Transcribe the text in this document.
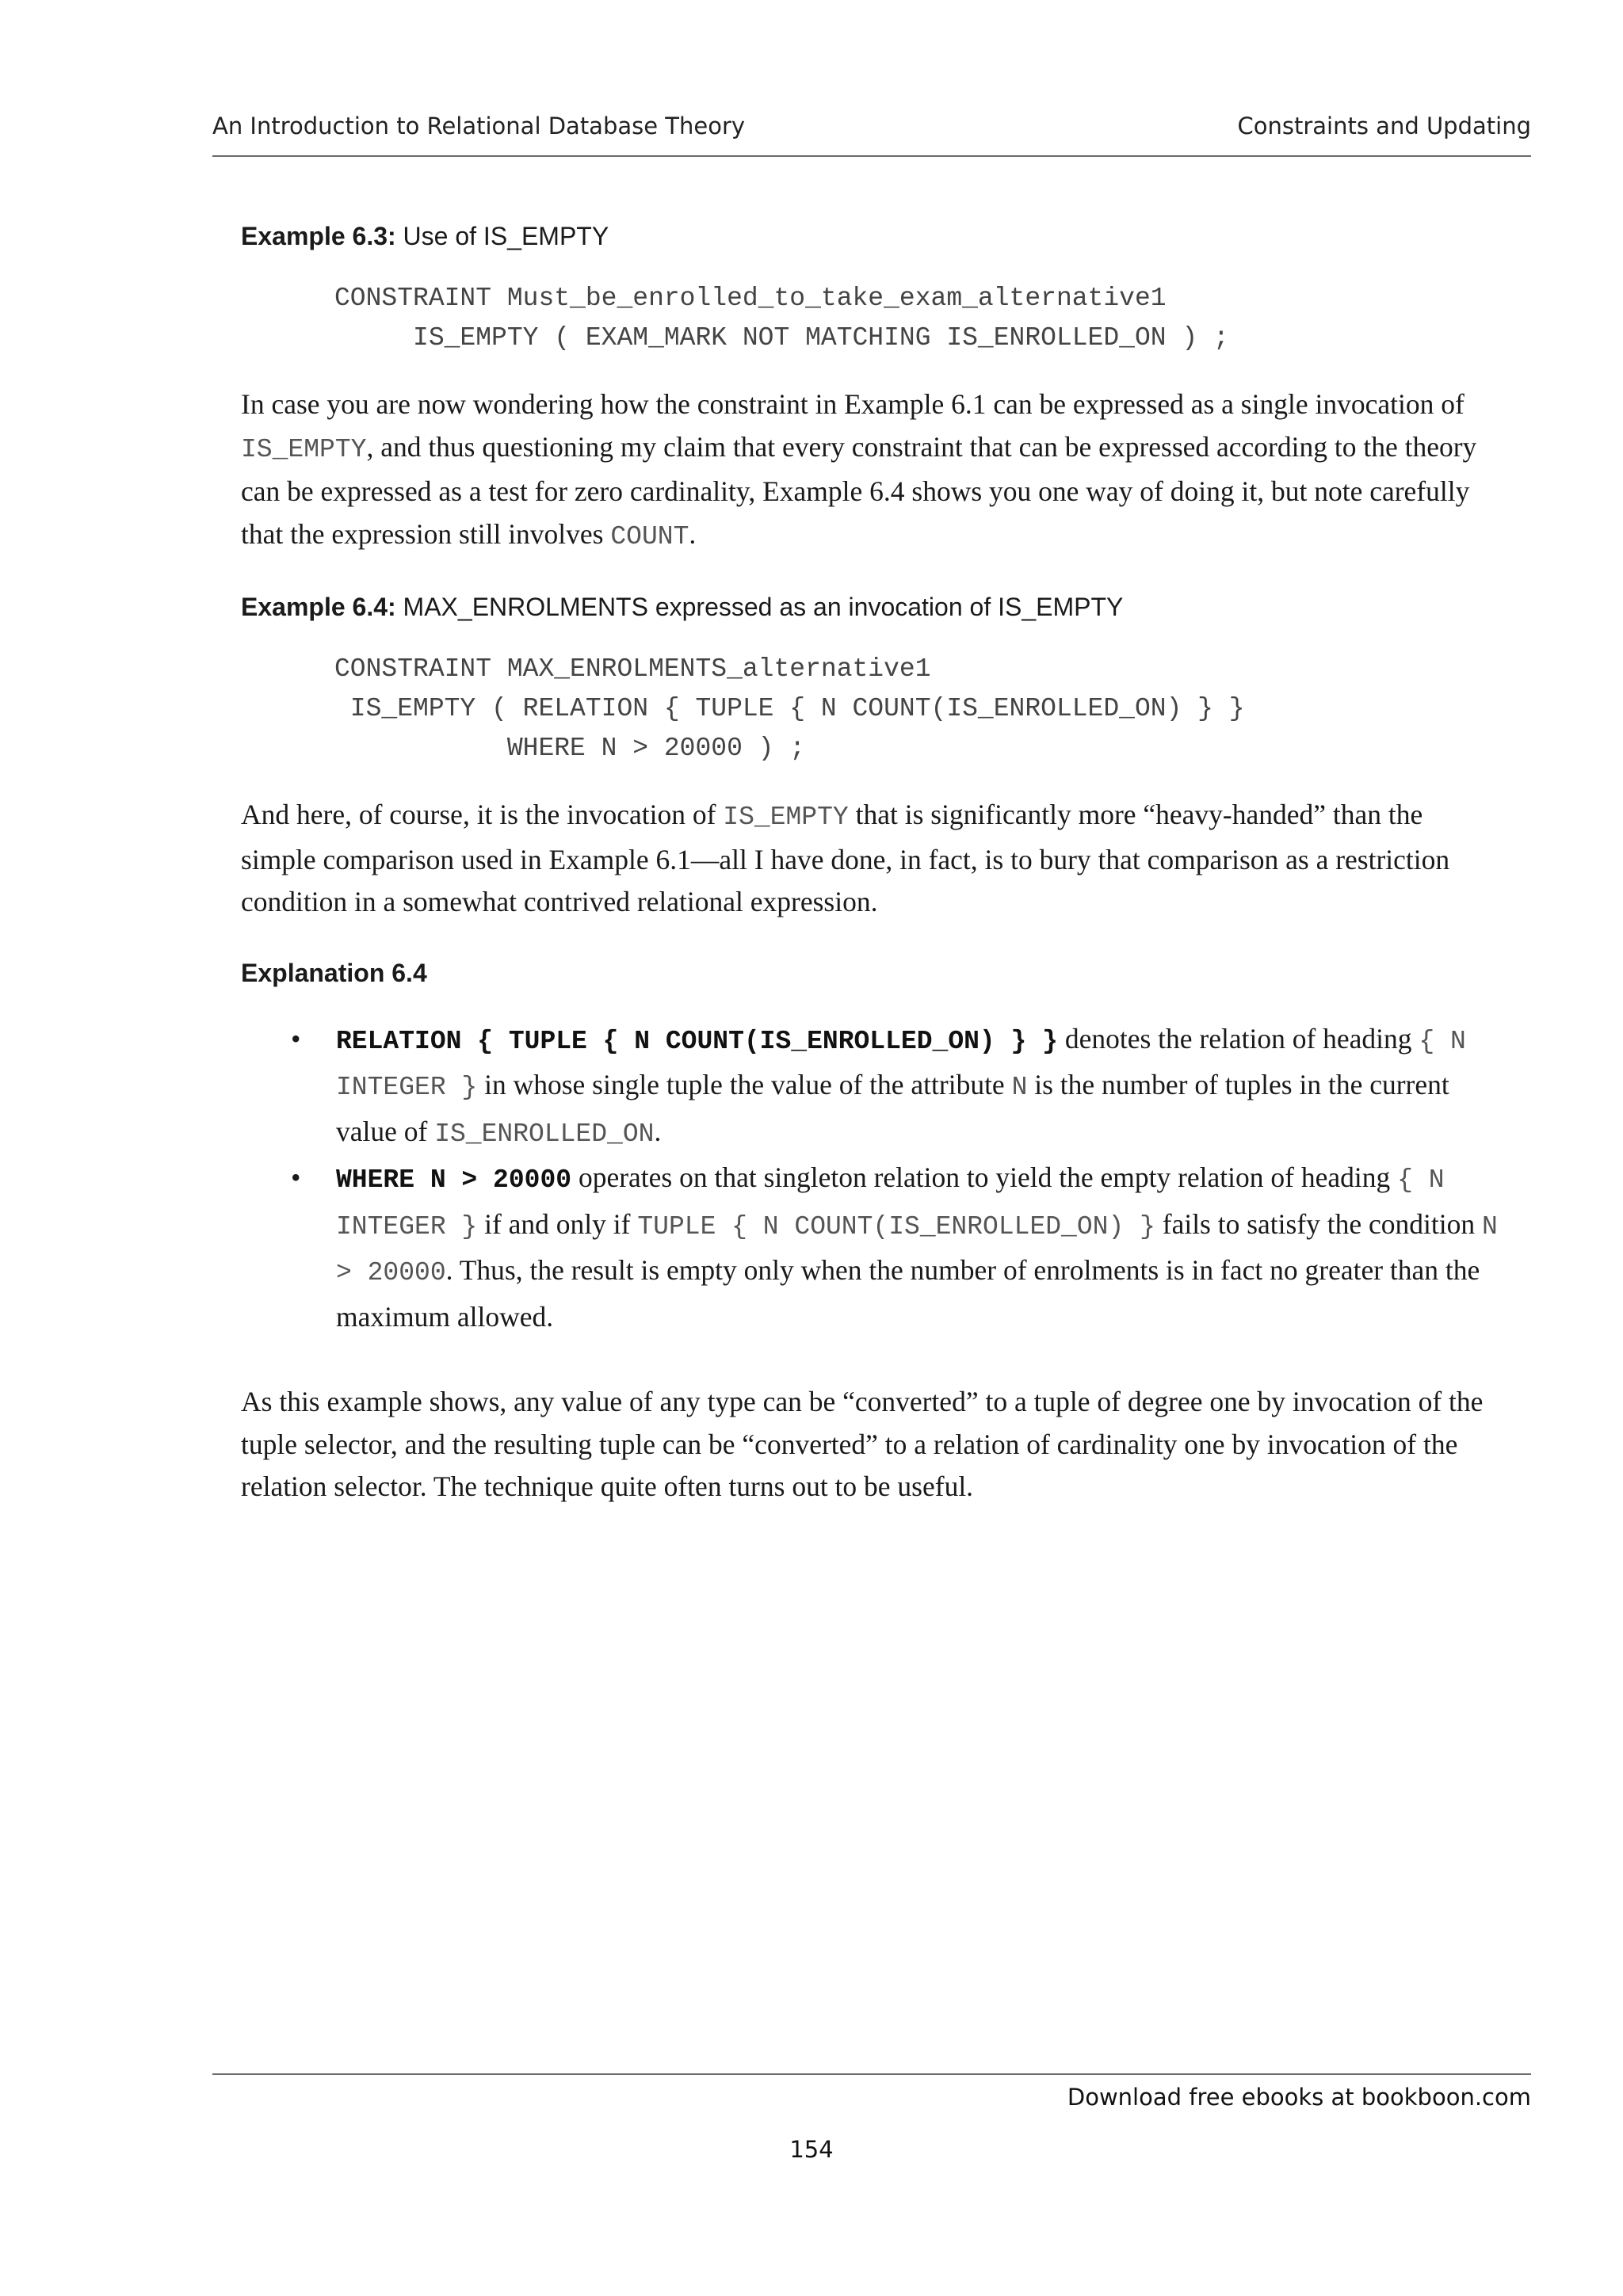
An Introduction to Relational Database Theory	Constraints and Updating

Example 6.3: Use of IS_EMPTY

CONSTRAINT Must_be_enrolled_to_take_exam_alternative1
IS_EMPTY ( EXAM_MARK NOT MATCHING IS_ENROLLED_ON ) ;

In case you are now wondering how the constraint in Example 6.1 can be expressed as a single invocation of IS_EMPTY, and thus questioning my claim that every constraint that can be expressed according to the theory can be expressed as a test for zero cardinality, Example 6.4 shows you one way of doing it, but note carefully that the expression still involves COUNT.

Example 6.4: MAX_ENROLMENTS expressed as an invocation of IS_EMPTY

CONSTRAINT MAX_ENROLMENTS_alternative1
IS_EMPTY ( RELATION { TUPLE { N COUNT(IS_ENROLLED_ON) } }
WHERE N > 20000 ) ;

And here, of course, it is the invocation of IS_EMPTY that is significantly more “heavy-handed” than the simple comparison used in Example 6.1—all I have done, in fact, is to bury that comparison as a restriction condition in a somewhat contrived relational expression.

Explanation 6.4

• RELATION { TUPLE { N COUNT(IS_ENROLLED_ON) } } denotes the relation of heading { N INTEGER } in whose single tuple the value of the attribute N is the number of tuples in the current value of IS_ENROLLED_ON.
• WHERE N > 20000 operates on that singleton relation to yield the empty relation of heading { N INTEGER } if and only if TUPLE { N COUNT(IS_ENROLLED_ON) } fails to satisfy the condition N > 20000. Thus, the result is empty only when the number of enrolments is in fact no greater than the maximum allowed.

As this example shows, any value of any type can be “converted” to a tuple of degree one by invocation of the tuple selector, and the resulting tuple can be “converted” to a relation of cardinality one by invocation of the relation selector. The technique quite often turns out to be useful.

Download free ebooks at bookboon.com
154
